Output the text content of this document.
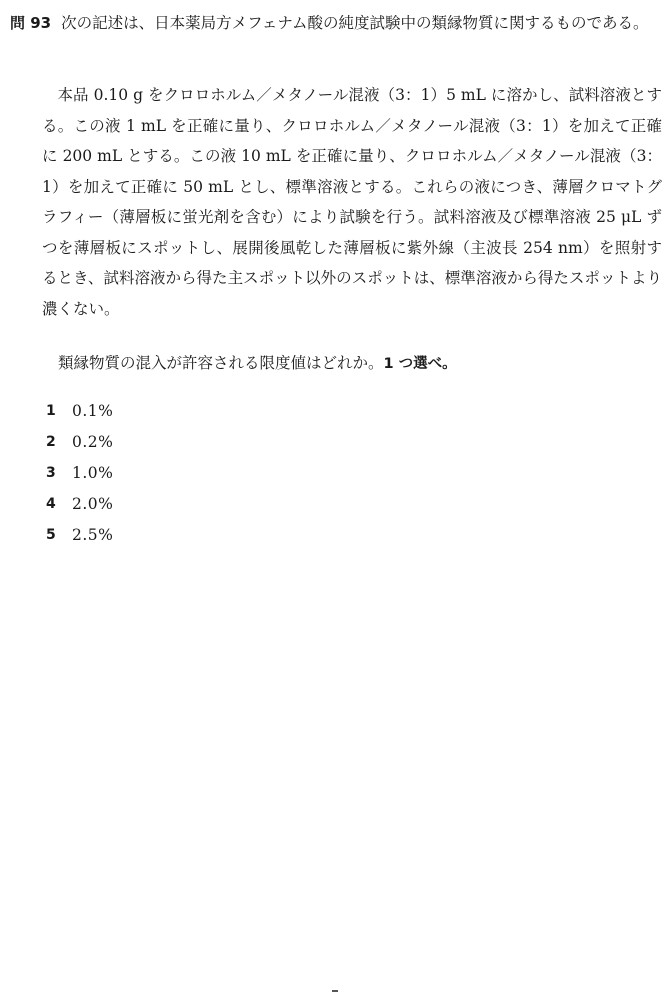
問 93 次の記述は、日本薬局方メフェナム酸の純度試験中の類縁物質に関するものである。
本品 0.10 g をクロロホルム／メタノール混液（3：1）5 mL に溶かし、試料溶液とする。この液 1 mL を正確に量り、クロロホルム／メタノール混液（3：1）を加えて正確に 200 mL とする。この液 10 mL を正確に量り、クロロホルム／メタノール混液（3：1）を加えて正確に 50 mL とし、標準溶液とする。これらの液につき、薄層クロマトグラフィー（薄層板に蛍光剤を含む）により試験を行う。試料溶液及び標準溶液 25 μL ずつを薄層板にスポットし、展開後風乾した薄層板に紫外線（主波長 254 nm）を照射するとき、試料溶液から得た主スポット以外のスポットは、標準溶液から得たスポットより濃くない。
類縁物質の混入が許容される限度値はどれか。1 つ選べ。
1	0.1%
2	0.2%
3	1.0%
4	2.0%
5	2.5%
